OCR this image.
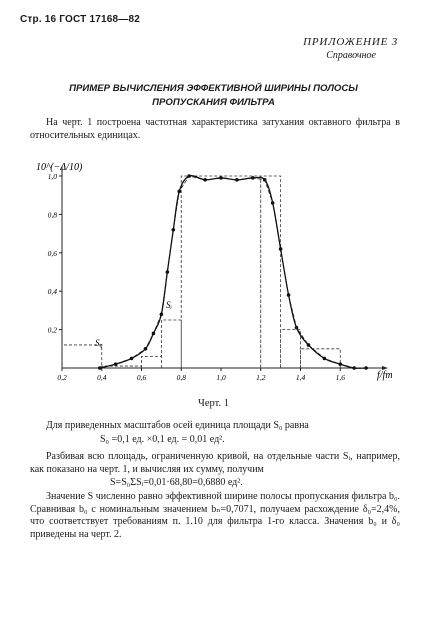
Стр. 16 ГОСТ 17168—82
ПРИЛОЖЕНИЕ 3
Справочное
ПРИМЕР ВЫЧИСЛЕНИЯ ЭФФЕКТИВНОЙ ШИРИНЫ ПОЛОСЫ
ПРОПУСКАНИЯ ФИЛЬТРА
На черт. 1 построена частотная характеристика затухания октавного фильтра в относительных единицах.
0,2	0,4	0,6	0,8	1,0	1,2	1,4	1,6
0,2
0,4
0,6
0,8
1,0
10^(−Δ/10)
f/fm
S₀
Sᵢ
Черт. 1
Для приведенных масштабов осей единица площади S₀ равна
S₀ =0,1 ед. ×0,1 ед. = 0,01 ед².
Разбивая всю площадь, ограниченную кривой, на отдельные части Sᵢ, например, как показано на черт. 1, и вычисляя их сумму, получим
S=S₀ΣSᵢ=0,01·68,80=0,6880 ед².
Значение S численно равно эффективной ширине полосы пропускания фильтра b₀. Сравнивая b₀ с номинальным значением bₙ=0,7071, получаем расхождение δ₀=2,4%, что соответствует требованиям п. 1.10 для фильтра 1-го класса. Значения b₀ и δ₀ приведены на черт. 2.
